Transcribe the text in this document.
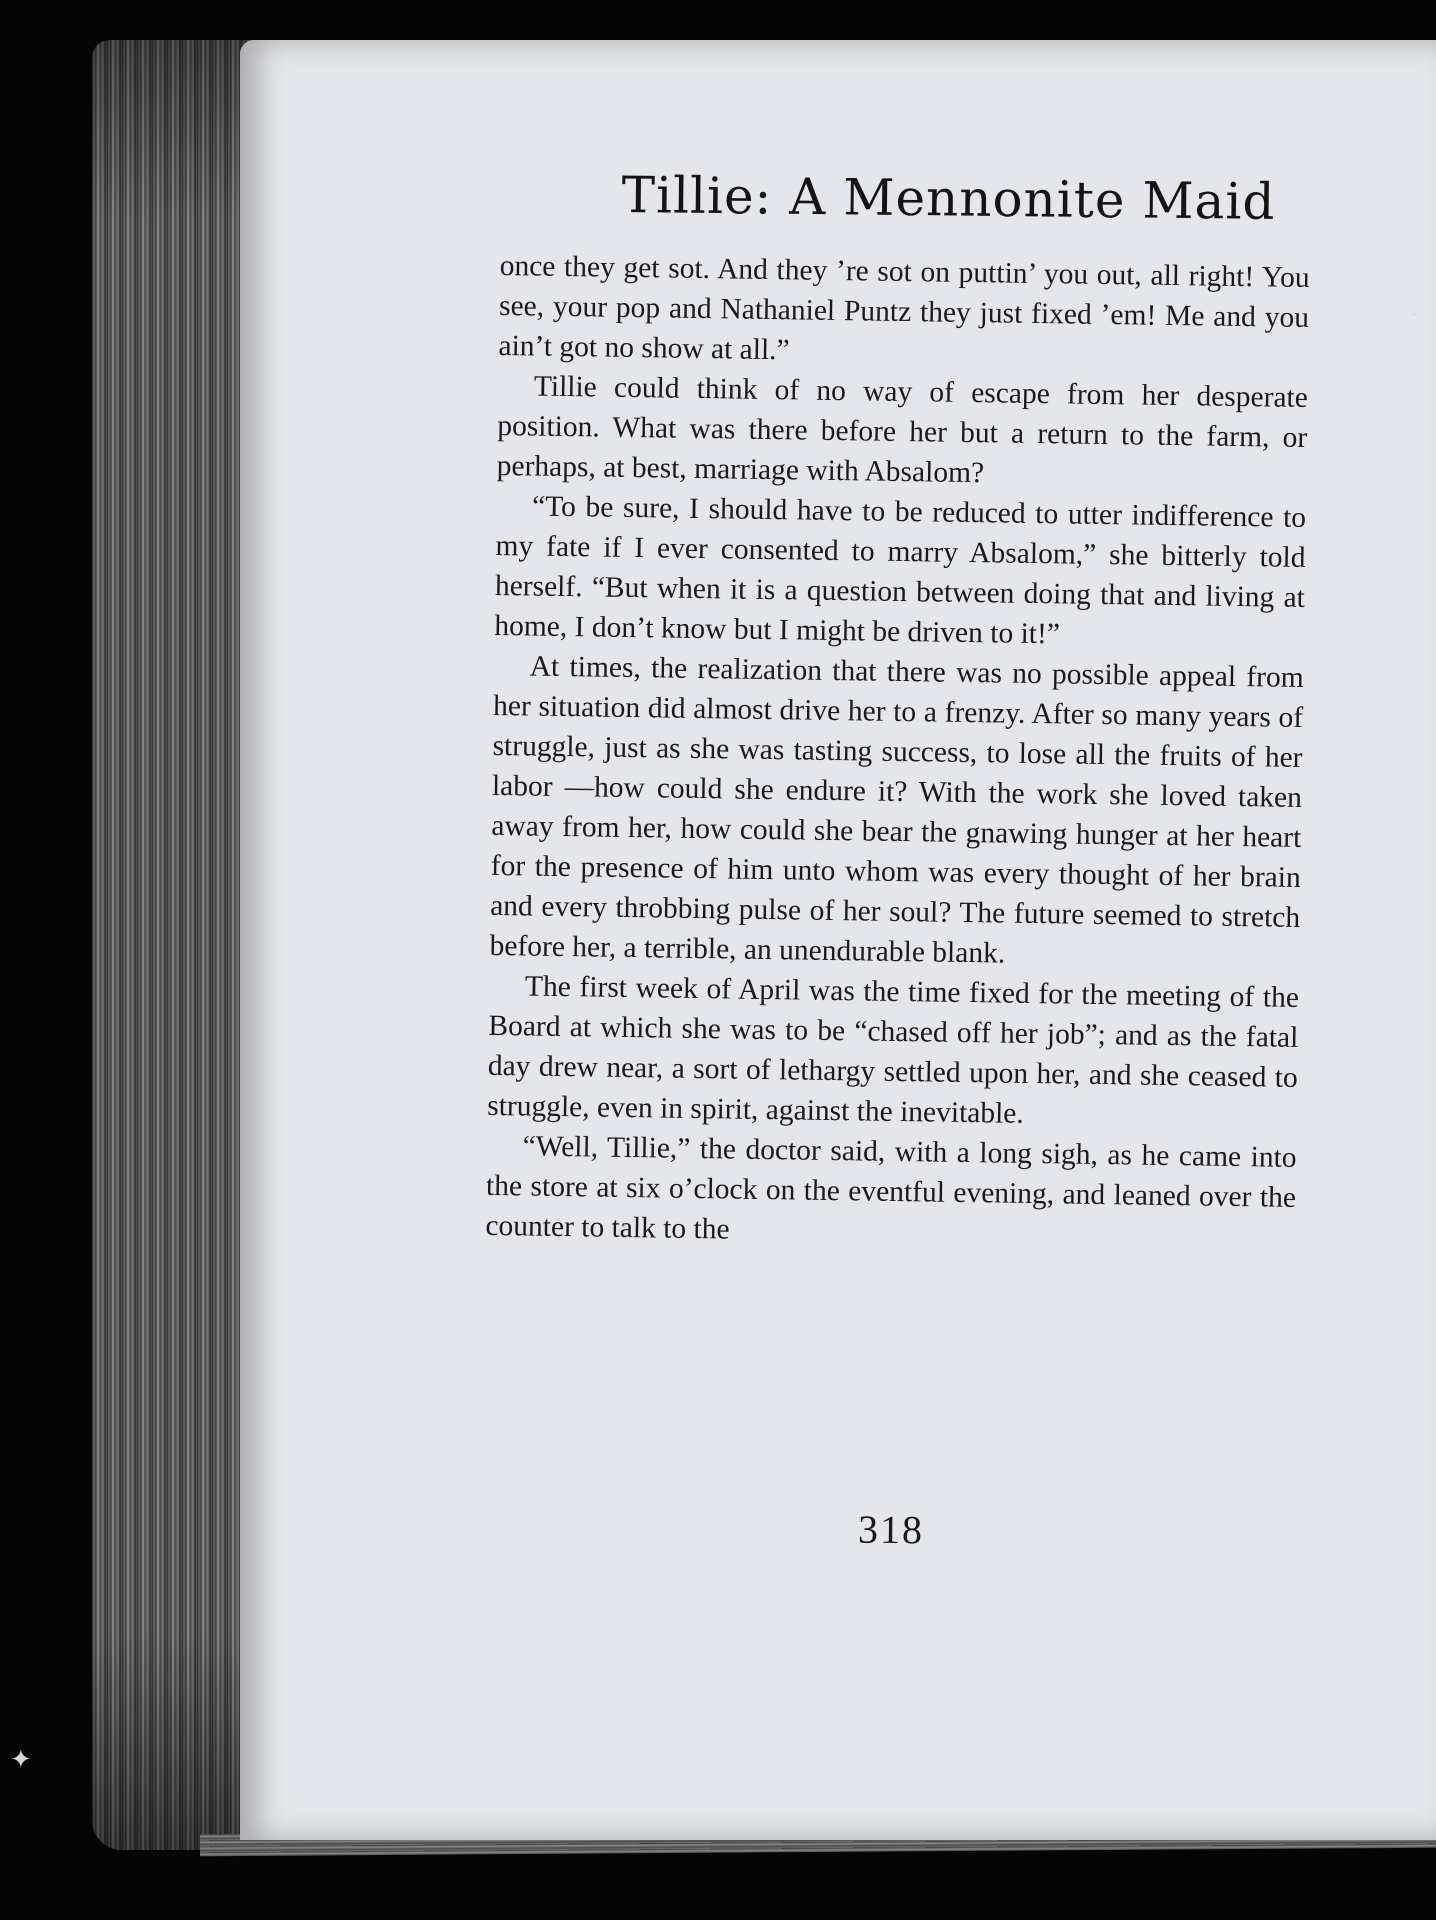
Tillie: A Mennonite Maid

once they get sot. And they ’re sot on puttin’ you out, all right! You see, your pop and Nathaniel Puntz they just fixed ’em! Me and you ain’t got no show at all.”

Tillie could think of no way of escape from her desperate position. What was there before her but a return to the farm, or perhaps, at best, marriage with Absalom?

“To be sure, I should have to be reduced to utter indifference to my fate if I ever consented to marry Absalom,” she bitterly told herself. “But when it is a question between doing that and living at home, I don’t know but I might be driven to it!”

At times, the realization that there was no possible appeal from her situation did almost drive her to a frenzy. After so many years of struggle, just as she was tasting success, to lose all the fruits of her labor —how could she endure it? With the work she loved taken away from her, how could she bear the gnawing hunger at her heart for the presence of him unto whom was every thought of her brain and every throbbing pulse of her soul? The future seemed to stretch before her, a terrible, an unendurable blank.

The first week of April was the time fixed for the meeting of the Board at which she was to be “chased off her job”; and as the fatal day drew near, a sort of lethargy settled upon her, and she ceased to struggle, even in spirit, against the inevitable.

“Well, Tillie,” the doctor said, with a long sigh, as he came into the store at six o’clock on the eventful evening, and leaned over the counter to talk to the

318
·
✦
